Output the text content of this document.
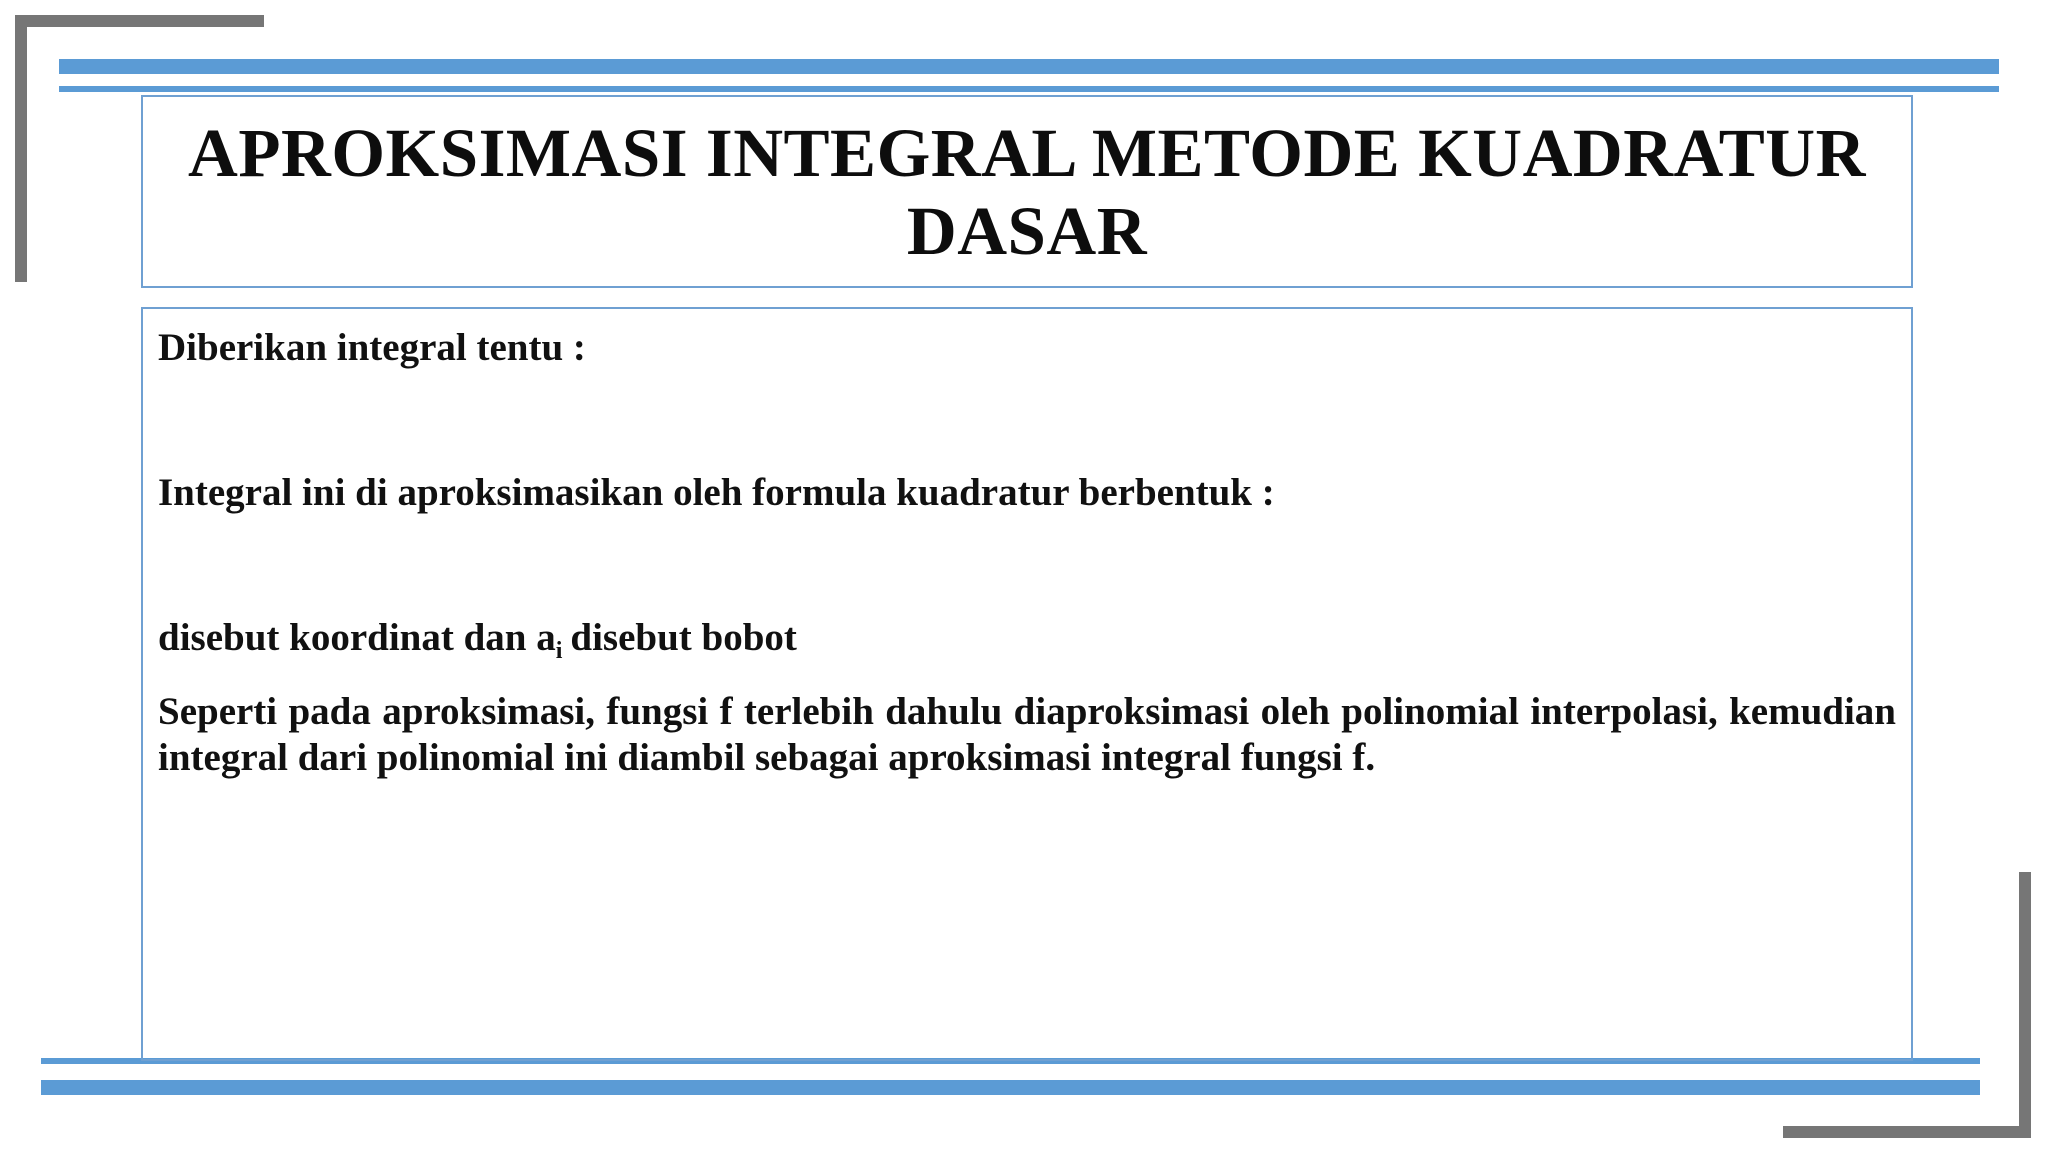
APROKSIMASI INTEGRAL METODE KUADRATUR
DASAR

Diberikan integral tentu :

Integral ini di aproksimasikan oleh formula kuadratur berbentuk :

disebut koordinat dan $a_i$ disebut bobot

Seperti pada aproksimasi, fungsi f terlebih dahulu diaproksimasi oleh polinomial interpolasi, kemudian integral dari polinomial ini diambil sebagai aproksimasi integral fungsi f.
